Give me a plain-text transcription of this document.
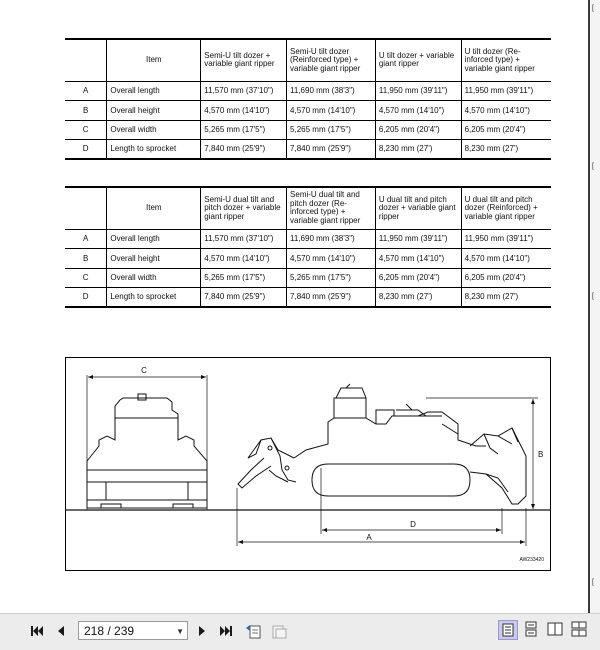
[
[
[
[
	Item	Semi-U tilt dozer + variable giant ripper	Semi-U tilt dozer (Reinforced type) + variable giant ripper	U tilt dozer + variable giant ripper	U tilt dozer (Re-inforced type) + variable giant ripper
A	Overall length	11,570 mm (37'10")	11,690 mm (38'3")	11,950 mm (39'11")	11,950 mm (39'11")
B	Overall height	4,570 mm (14'10")	4,570 mm (14'10")	4,570 mm (14'10")	4,570 mm (14'10")
C	Overall width	5,265 mm (17'5")	5,265 mm (17'5")	6,205 mm (20'4")	6,205 mm (20'4")
D	Length to sprocket	7,840 mm (25'9")	7,840 mm (25'9")	8,230 mm (27')	8,230 mm (27')
	Item	Semi-U dual tilt and pitch dozer + variable giant ripper	Semi-U dual tilt and pitch dozer (Re-inforced type) + variable giant ripper	U dual tilt and pitch dozer + variable giant ripper	U dual tilt and pitch dozer (Reinforced) + variable giant ripper
A	Overall length	11,570 mm (37'10")	11,690 mm (38'3")	11,950 mm (39'11")	11,950 mm (39'11")
B	Overall height	4,570 mm (14'10")	4,570 mm (14'10")	4,570 mm (14'10")	4,570 mm (14'10")
C	Overall width	5,265 mm (17'5")	5,265 mm (17'5")	6,205 mm (20'4")	6,205 mm (20'4")
D	Length to sprocket	7,840 mm (25'9")	7,840 mm (25'9")	8,230 mm (27')	8,230 mm (27')
C
B
D
A
AW233420
218 / 239	▼
